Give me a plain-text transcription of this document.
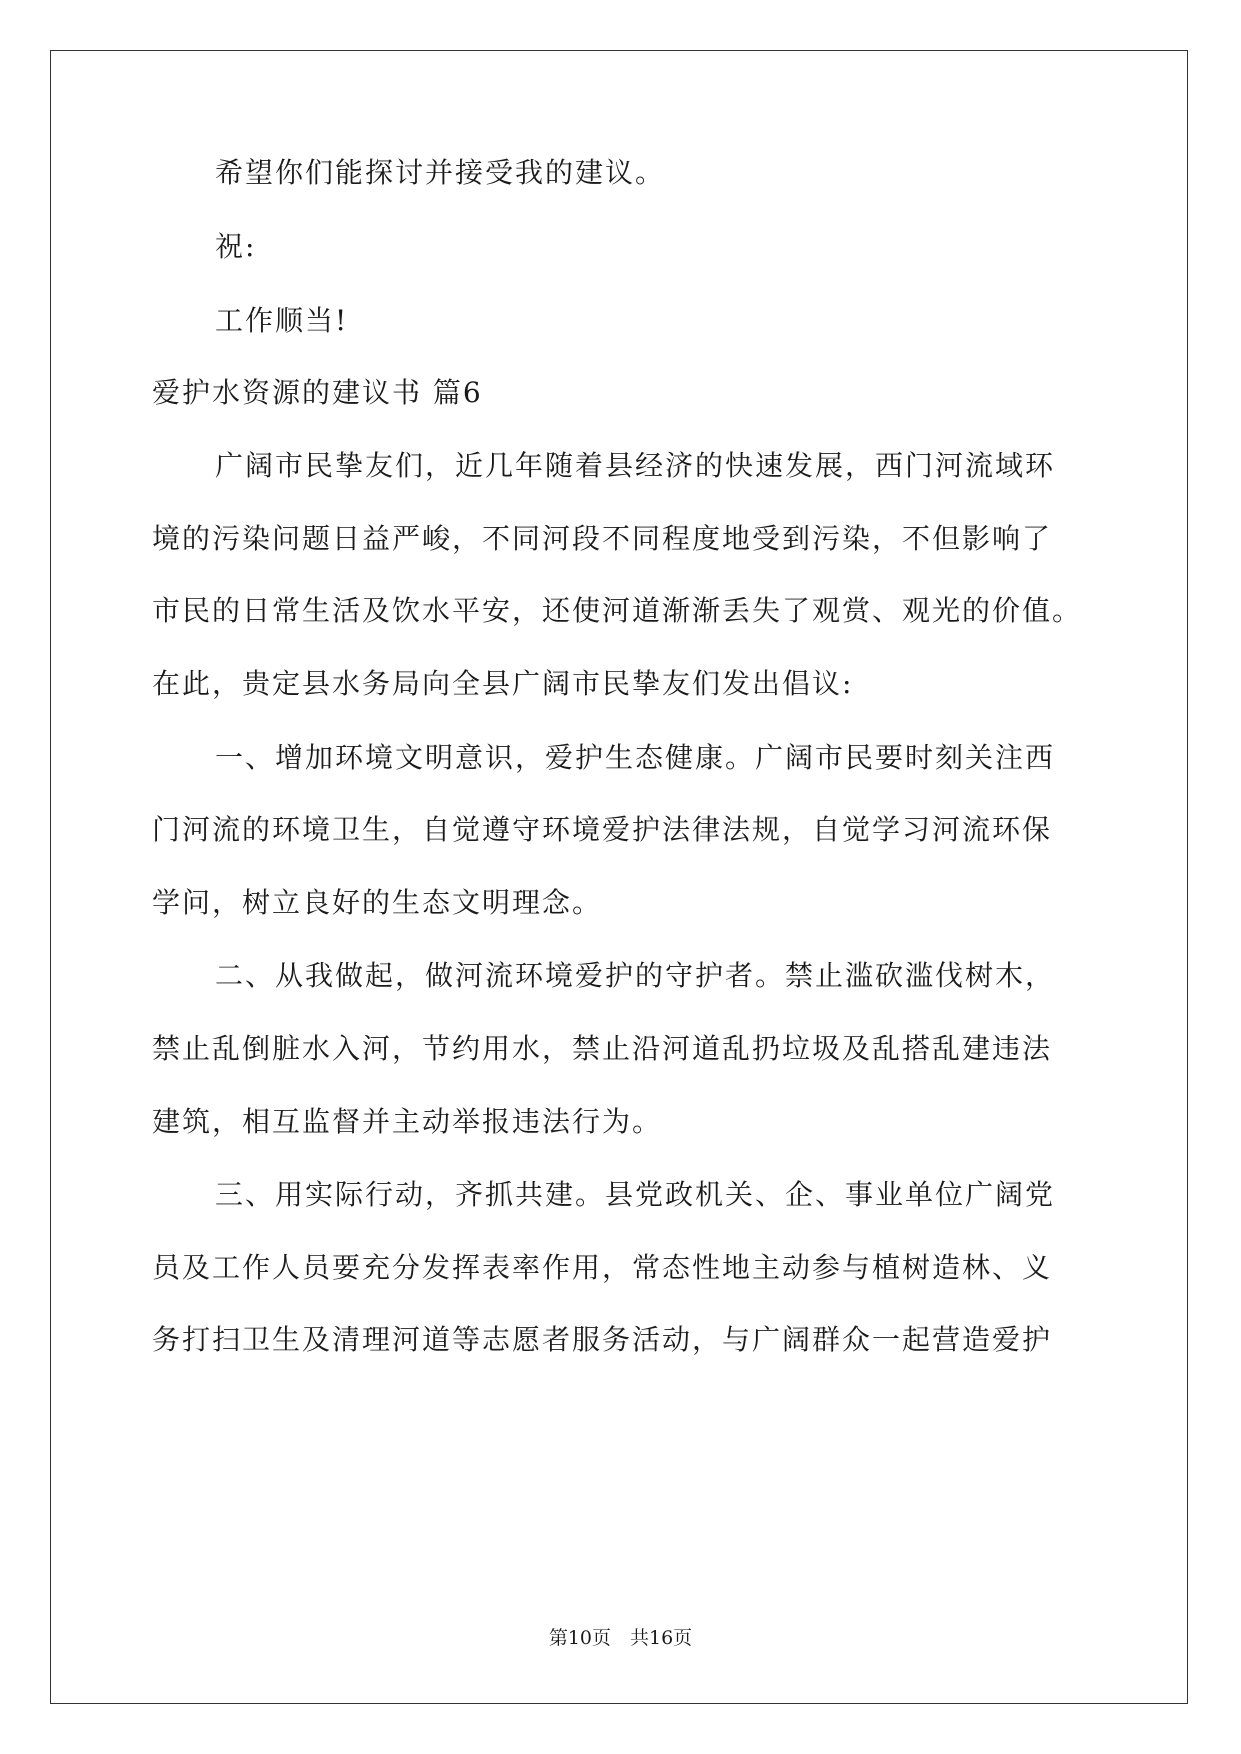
希望你们能探讨并接受我的建议。
祝:
工作顺当!
爱护水资源的建议书 篇6
广阔市民挚友们，近几年随着县经济的快速发展，西门河流域环
境的污染问题日益严峻，不同河段不同程度地受到污染，不但影响了
市民的日常生活及饮水平安，还使河道渐渐丢失了观赏、观光的价值。
在此，贵定县水务局向全县广阔市民挚友们发出倡议:
一、增加环境文明意识，爱护生态健康。广阔市民要时刻关注西
门河流的环境卫生，自觉遵守环境爱护法律法规，自觉学习河流环保
学问，树立良好的生态文明理念。
二、从我做起，做河流环境爱护的守护者。禁止滥砍滥伐树木，
禁止乱倒脏水入河，节约用水，禁止沿河道乱扔垃圾及乱搭乱建违法
建筑，相互监督并主动举报违法行为。
三、用实际行动，齐抓共建。县党政机关、企、事业单位广阔党
员及工作人员要充分发挥表率作用，常态性地主动参与植树造林、义
务打扫卫生及清理河道等志愿者服务活动，与广阔群众一起营造爱护
第10页　共16页
